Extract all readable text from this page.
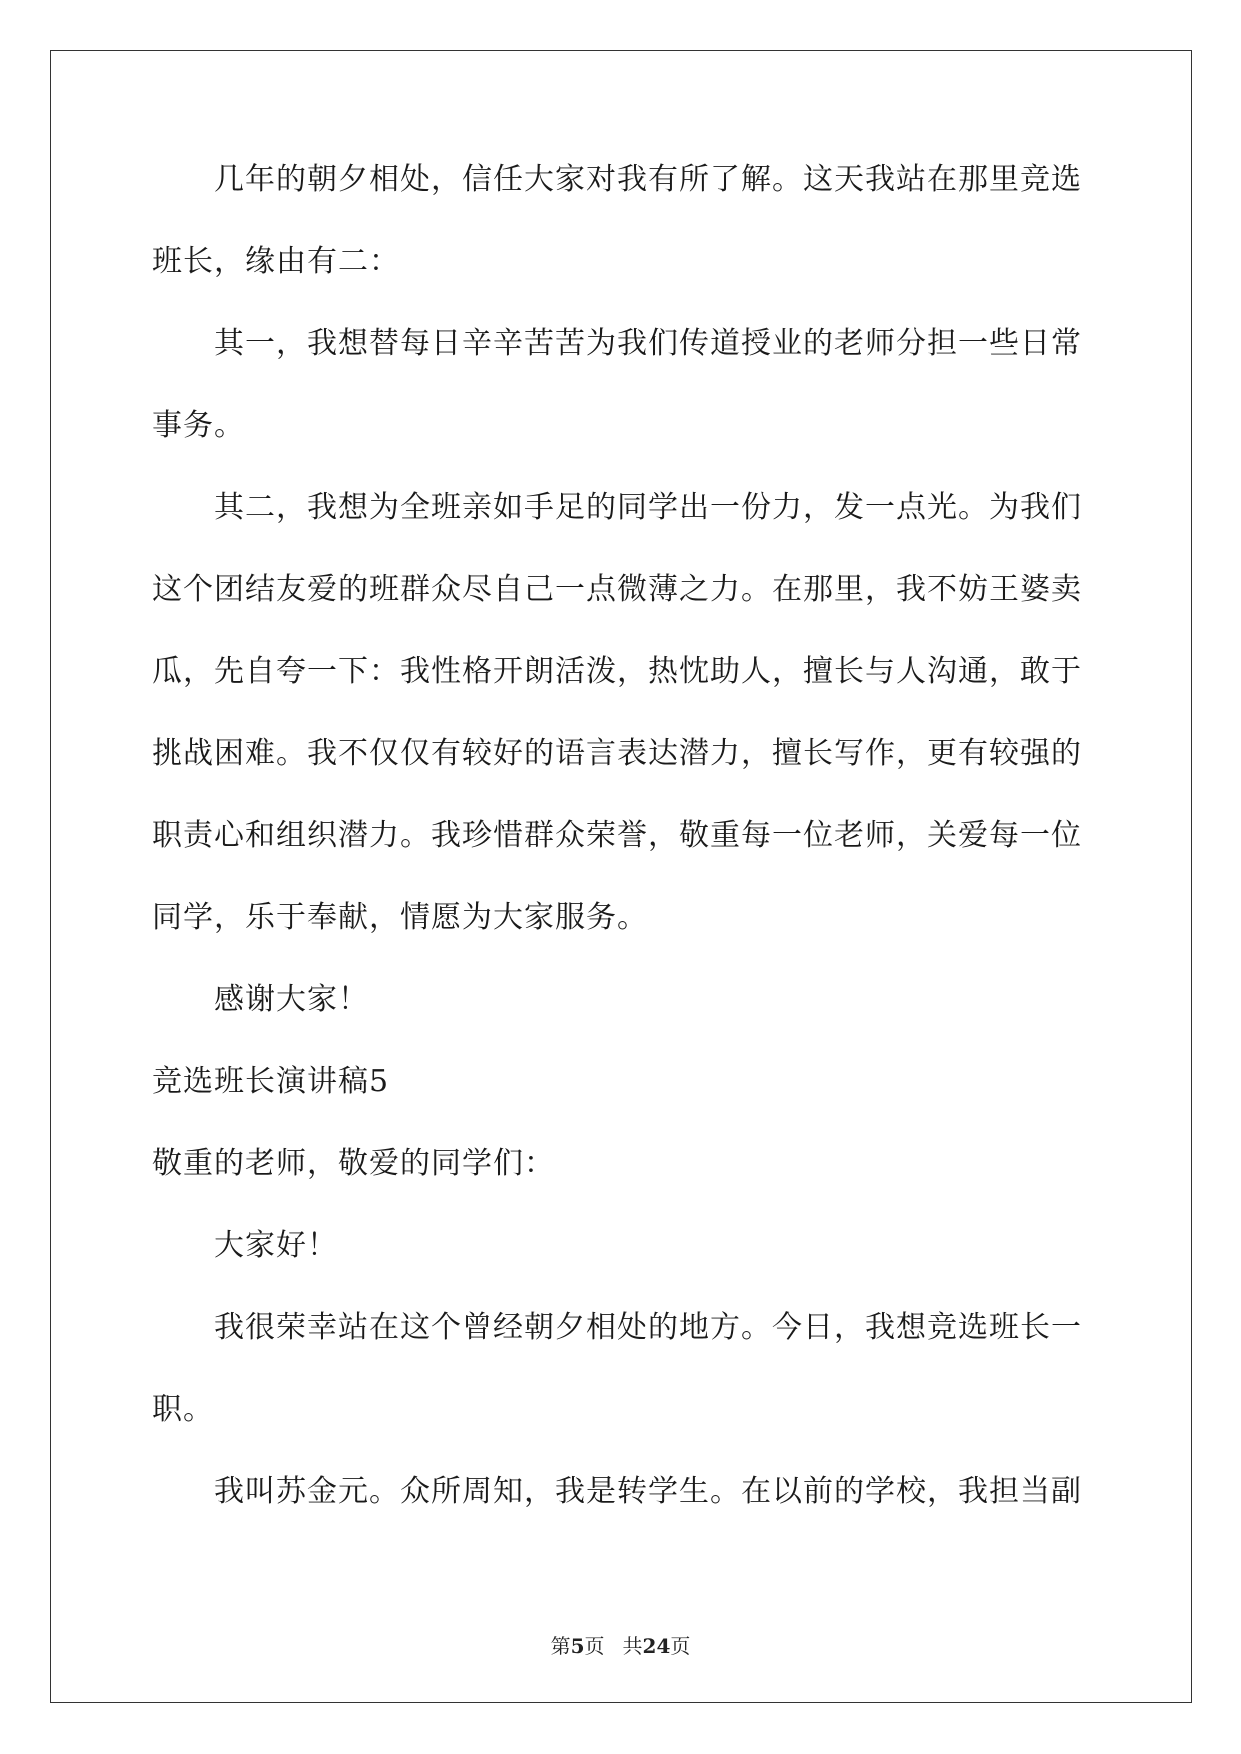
几年的朝夕相处，信任大家对我有所了解。这天我站在那里竞选
班长，缘由有二：
其一，我想替每日辛辛苦苦为我们传道授业的老师分担一些日常
事务。
其二，我想为全班亲如手足的同学出一份力，发一点光。为我们
这个团结友爱的班群众尽自己一点微薄之力。在那里，我不妨王婆卖
瓜，先自夸一下：我性格开朗活泼，热忱助人，擅长与人沟通，敢于
挑战困难。我不仅仅有较好的语言表达潜力，擅长写作，更有较强的
职责心和组织潜力。我珍惜群众荣誉，敬重每一位老师，关爱每一位
同学，乐于奉献，情愿为大家服务。
感谢大家！
竞选班长演讲稿5
敬重的老师，敬爱的同学们：
大家好！
我很荣幸站在这个曾经朝夕相处的地方。今日，我想竞选班长一
职。
我叫苏金元。众所周知，我是转学生。在以前的学校，我担当副
第5页 共24页
